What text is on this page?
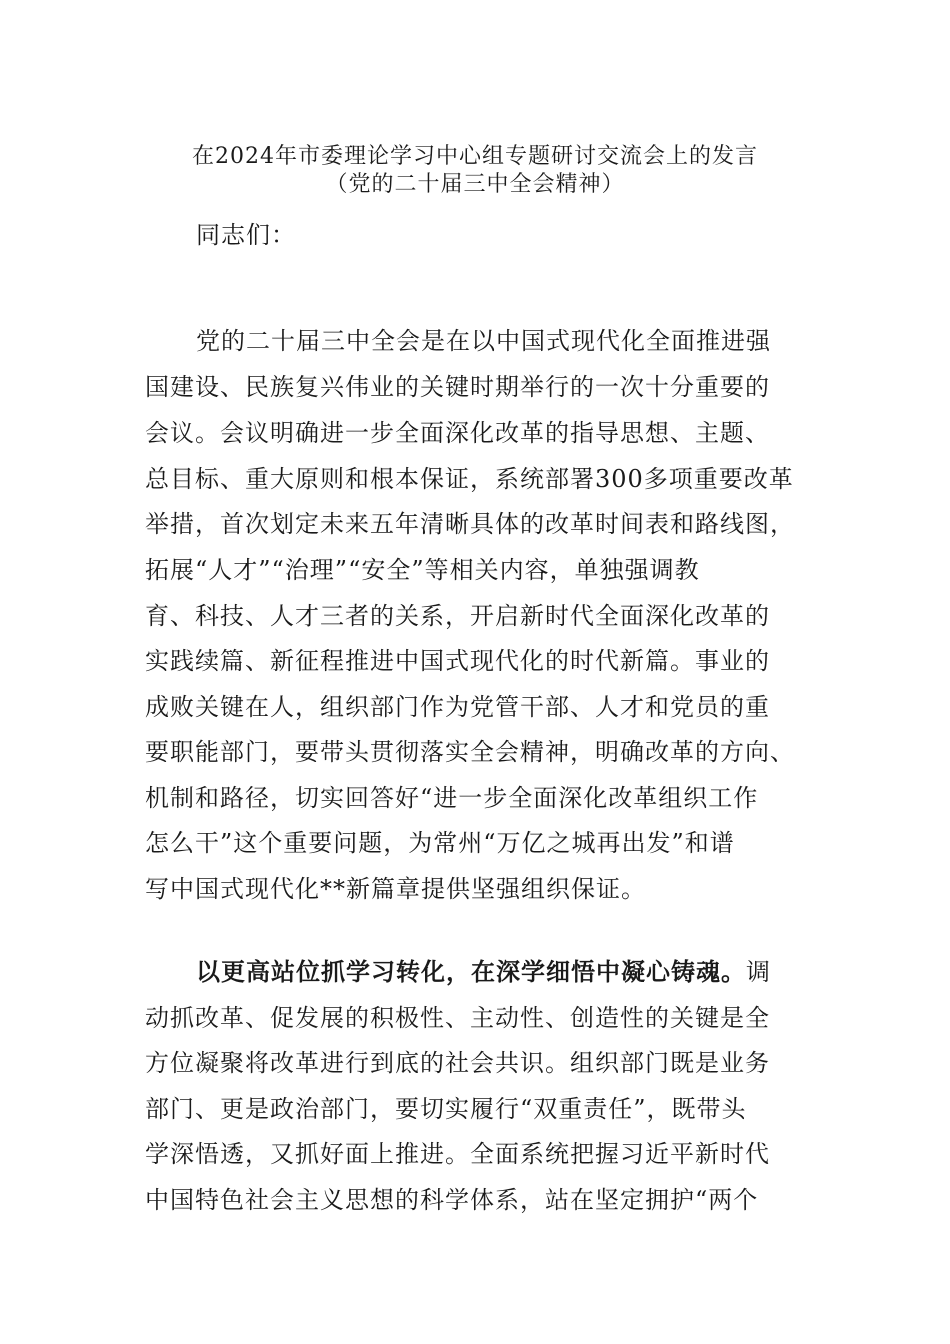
在2024年市委理论学习中心组专题研讨交流会上的发言
（党的二十届三中全会精神）
同志们：
党的二十届三中全会是在以中国式现代化全面推进强
国建设、民族复兴伟业的关键时期举行的一次十分重要的
会议。会议明确进一步全面深化改革的指导思想、主题、
总目标、重大原则和根本保证，系统部署300多项重要改革
举措，首次划定未来五年清晰具体的改革时间表和路线图，
拓展“人才”“治理”“安全”等相关内容，单独强调教
育、科技、人才三者的关系，开启新时代全面深化改革的
实践续篇、新征程推进中国式现代化的时代新篇。事业的
成败关键在人，组织部门作为党管干部、人才和党员的重
要职能部门，要带头贯彻落实全会精神，明确改革的方向、
机制和路径，切实回答好“进一步全面深化改革组织工作
怎么干”这个重要问题，为常州“万亿之城再出发”和谱
写中国式现代化**新篇章提供坚强组织保证。
以更高站位抓学习转化，在深学细悟中凝心铸魂。调
动抓改革、促发展的积极性、主动性、创造性的关键是全
方位凝聚将改革进行到底的社会共识。组织部门既是业务
部门、更是政治部门，要切实履行“双重责任”，既带头
学深悟透，又抓好面上推进。全面系统把握习近平新时代
中国特色社会主义思想的科学体系，站在坚定拥护“两个
